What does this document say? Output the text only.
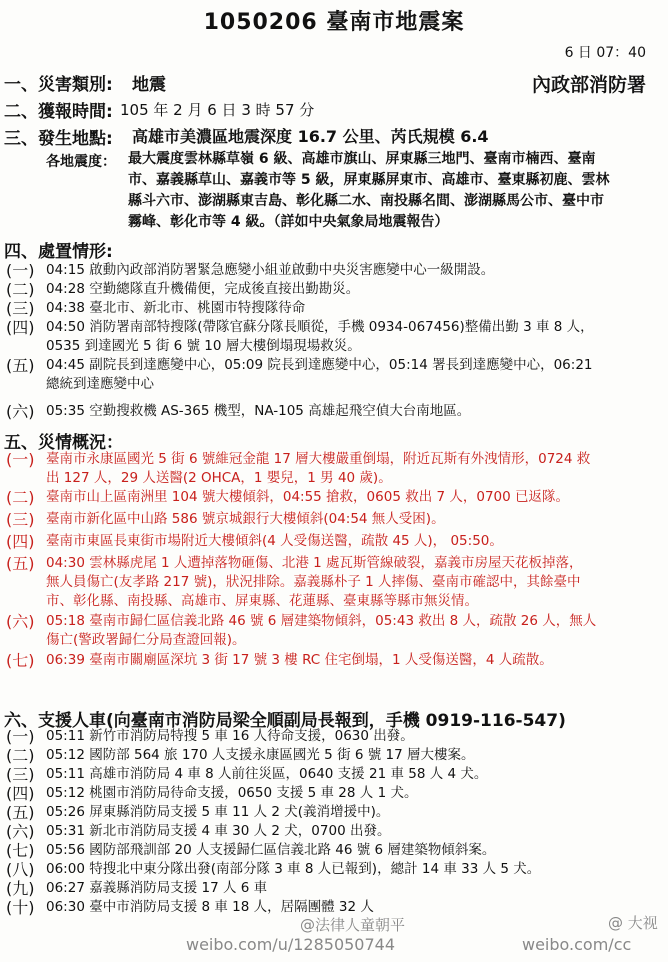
1050206 臺南市地震案
6 日 07：40
內政部消防署
一、災害類別: 地震
二、獲報時間: 105 年 2 月 6 日 3 時 57 分
三、發生地點: 高雄市美濃區地震深度 16.7 公里、芮氏規模 6.4
各地震度： 最大震度雲林縣草嶺 6 級、高雄市旗山、屏東縣三地門、臺南市楠西、臺南
市、嘉義縣草山、嘉義市等 5 級，屏東縣屏東市、高雄市、臺東縣初鹿、雲林
縣斗六市、澎湖縣東吉島、彰化縣二水、南投縣名間、澎湖縣馬公市、臺中市
霧峰、彰化市等 4 級。（詳如中央氣象局地震報告）
四、處置情形:
(一) 04:15 啟動內政部消防署緊急應變小組並啟動中央災害應變中心一級開設。
(二) 04:28 空勤總隊直升機備便，完成後直接出勤勘災。
(三) 04:38 臺北市、新北市、桃園市特搜隊待命
(四) 04:50 消防署南部特搜隊(帶隊官蘇分隊長順從，手機 0934-067456)整備出勤 3 車 8 人，
0535 到達國光 5 街 6 號 10 層大樓倒塌現場救災。
(五) 04:45 副院長到達應變中心，05:09 院長到達應變中心，05:14 署長到達應變中心，06:21
總統到達應變中心
(六) 05:35 空勤搜救機 AS-365 機型，NA-105 高雄起飛空偵大台南地區。
五、災情概況：
(一) 臺南市永康區國光 5 街 6 號維冠金龍 17 層大樓嚴重倒塌，附近瓦斯有外洩情形，0724 救
出 127 人，29 人送醫(2 OHCA，1 嬰兒，1 男 40 歲)。
(二) 臺南市山上區南洲里 104 號大樓傾斜，04:55 搶救，0605 救出 7 人，0700 已返隊。
(三) 臺南市新化區中山路 586 號京城銀行大樓傾斜(04:54 無人受困)。
(四) 臺南市東區長東街市場附近大樓傾斜(4 人受傷送醫，疏散 45 人)， 05:50。
(五) 04:30 雲林縣虎尾 1 人遭掉落物砸傷、北港 1 處瓦斯管線破裂，嘉義市房屋天花板掉落，
無人員傷亡(友孝路 217 號)，狀況排除。嘉義縣朴子 1 人摔傷、臺南市確認中，其餘臺中
市、彰化縣、南投縣、高雄市、屏東縣、花蓮縣、臺東縣等縣市無災情。
(六) 05:18 臺南市歸仁區信義北路 46 號 6 層建築物傾斜，05:43 救出 8 人，疏散 26 人，無人
傷亡(警政署歸仁分局查證回報)。
(七) 06:39 臺南市關廟區深坑 3 街 17 號 3 樓 RC 住宅倒塌，1 人受傷送醫，4 人疏散。
六、支援人車(向臺南市消防局梁全順副局長報到，手機 0919-116-547)
(一) 05:11 新竹市消防局特搜 5 車 16 人待命支援，0630 出發。
(二) 05:12 國防部 564 旅 170 人支援永康區國光 5 街 6 號 17 層大樓案。
(三) 05:11 高雄市消防局 4 車 8 人前往災區，0640 支援 21 車 58 人 4 犬。
(四) 05:12 桃園市消防局待命支援，0650 支援 5 車 28 人 1 犬。
(五) 05:26 屏東縣消防局支援 5 車 11 人 2 犬(義消增援中)。
(六) 05:31 新北市消防局支援 4 車 30 人 2 犬，0700 出發。
(七) 05:56 國防部飛訓部 20 人支援歸仁區信義北路 46 號 6 層建築物傾斜案。
(八) 06:00 特搜北中東分隊出發(南部分隊 3 車 8 人已報到)，總計 14 車 33 人 5 犬。
(九) 06:27 嘉義縣消防局支援 17 人 6 車
(十) 06:30 臺中市消防局支援 8 車 18 人，居隔團體 32 人
weibo.com/u/1285050744	weibo.com/cc
@法律人童朝平	@ 大视
